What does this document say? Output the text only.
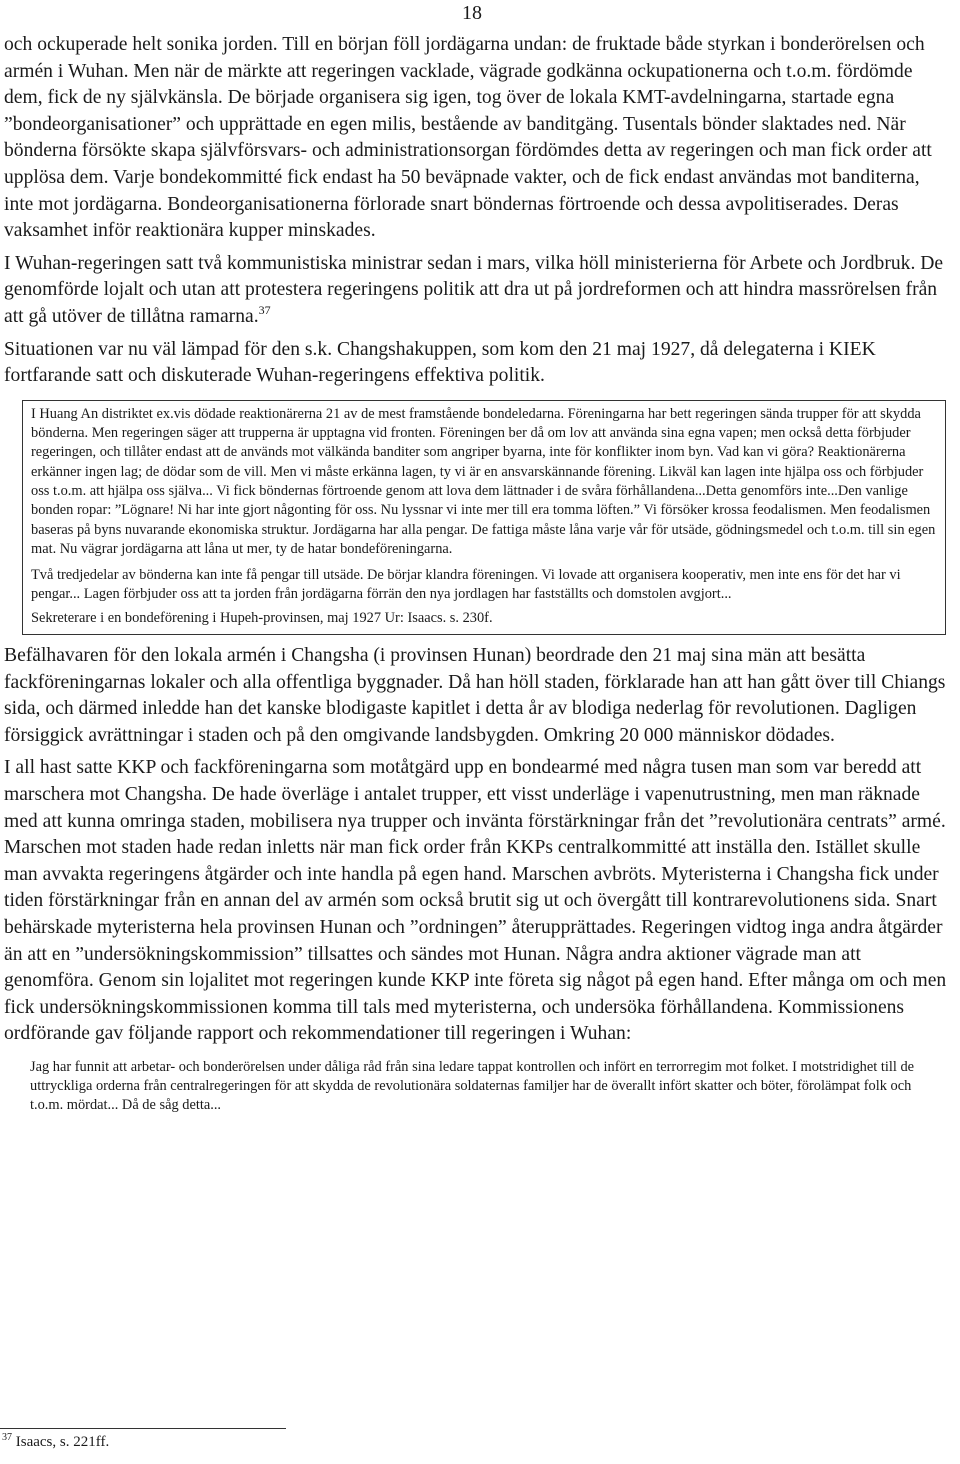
18

och ockuperade helt sonika jorden. Till en början föll jordägarna undan: de fruktade både styrkan i bonderörelsen och armén i Wuhan. Men när de märkte att regeringen vacklade, vägrade godkänna ockupationerna och t.o.m. fördömde dem, fick de ny självkänsla. De började organisera sig igen, tog över de lokala KMT-avdelningarna, startade egna ”bondeorganisationer” och upprättade en egen milis, bestående av banditgäng. Tusentals bönder slaktades ned. När bönderna försökte skapa självförsvars- och administrationsorgan fördömdes detta av regeringen och man fick order att upplösa dem. Varje bondekommitté fick endast ha 50 beväpnade vakter, och de fick endast användas mot banditerna, inte mot jordägarna. Bondeorganisationerna förlorade snart böndernas förtroende och dessa avpolitiserades. Deras vaksamhet inför reaktionära kupper minskades.

I Wuhan-regeringen satt två kommunistiska ministrar sedan i mars, vilka höll ministerierna för Arbete och Jordbruk. De genomförde lojalt och utan att protestera regeringens politik att dra ut på jordreformen och att hindra massrörelsen från att gå utöver de tillåtna ramarna.$^{37}$

Situationen var nu väl lämpad för den s.k. Changshakuppen, som kom den 21 maj 1927, då delegaterna i KIEK fortfarande satt och diskuterade Wuhan-regeringens effektiva politik.

I Huang An distriktet ex.vis dödade reaktionärerna 21 av de mest framstående bondeledarna. Föreningarna har bett regeringen sända trupper för att skydda bönderna. Men regeringen säger att trupperna är upptagna vid fronten. Föreningen ber då om lov att använda sina egna vapen; men också detta förbjuder regeringen, och tillåter endast att de används mot välkända banditer som angriper byarna, inte för konflikter inom byn. Vad kan vi göra? Reaktionärerna erkänner ingen lag; de dödar som de vill. Men vi måste erkänna lagen, ty vi är en ansvarskännande förening. Likväl kan lagen inte hjälpa oss och förbjuder oss t.o.m. att hjälpa oss själva... Vi fick böndernas förtroende genom att lova dem lättnader i de svåra förhållandena...Detta genomförs inte...Den vanlige bonden ropar: ”Lögnare! Ni har inte gjort någonting för oss. Nu lyssnar vi inte mer till era tomma löften.” Vi försöker krossa feodalismen. Men feodalismen baseras på byns nuvarande ekonomiska struktur. Jordägarna har alla pengar. De fattiga måste låna varje vår för utsäde, gödningsmedel och t.o.m. till sin egen mat. Nu vägrar jordägarna att låna ut mer, ty de hatar bondeföreningarna.

Två tredjedelar av bönderna kan inte få pengar till utsäde. De börjar klandra föreningen. Vi lovade att organisera kooperativ, men inte ens för det har vi pengar... Lagen förbjuder oss att ta jorden från jordägarna förrän den nya jordlagen har fastställts och domstolen avgjort...

Sekreterare i en bondeförening i Hupeh-provinsen, maj 1927 Ur: Isaacs. s. 230f.

Befälhavaren för den lokala armén i Changsha (i provinsen Hunan) beordrade den 21 maj sina män att besätta fackföreningarnas lokaler och alla offentliga byggnader. Då han höll staden, förklarade han att han gått över till Chiangs sida, och därmed inledde han det kanske blodigaste kapitlet i detta år av blodiga nederlag för revolutionen. Dagligen försiggick avrättningar i staden och på den omgivande landsbygden. Omkring 20 000 människor dödades.

I all hast satte KKP och fackföreningarna som motåtgärd upp en bondearmé med några tusen man som var beredd att marschera mot Changsha. De hade överläge i antalet trupper, ett visst underläge i vapenutrustning, men man räknade med att kunna omringa staden, mobilisera nya trupper och invänta förstärkningar från det ”revolutionära centrats” armé. Marschen mot staden hade redan inletts när man fick order från KKPs centralkommitté att inställa den. Istället skulle man avvakta regeringens åtgärder och inte handla på egen hand. Marschen avbröts. Myteristerna i Changsha fick under tiden förstärkningar från en annan del av armén som också brutit sig ut och övergått till kontrarevolutionens sida. Snart behärskade myteristerna hela provinsen Hunan och ”ordningen” återupprättades. Regeringen vidtog inga andra åtgärder än att en ”undersökningskommission” tillsattes och sändes mot Hunan. Några andra aktioner vägrade man att genomföra. Genom sin lojalitet mot regeringen kunde KKP inte företa sig något på egen hand. Efter många om och men fick undersökningskommissionen komma till tals med myteristerna, och undersöka förhållandena. Kommissionens ordförande gav följande rapport och rekommendationer till regeringen i Wuhan:

Jag har funnit att arbetar- och bonderörelsen under dåliga råd från sina ledare tappat kontrollen och infört en terrorregim mot folket. I motstridighet till de uttryckliga orderna från centralregeringen för att skydda de revolutionära soldaternas familjer har de överallt infört skatter och böter, förolämpat folk och t.o.m. mördat... Då de såg detta...

$^{37}$ Isaacs, s. 221ff.
